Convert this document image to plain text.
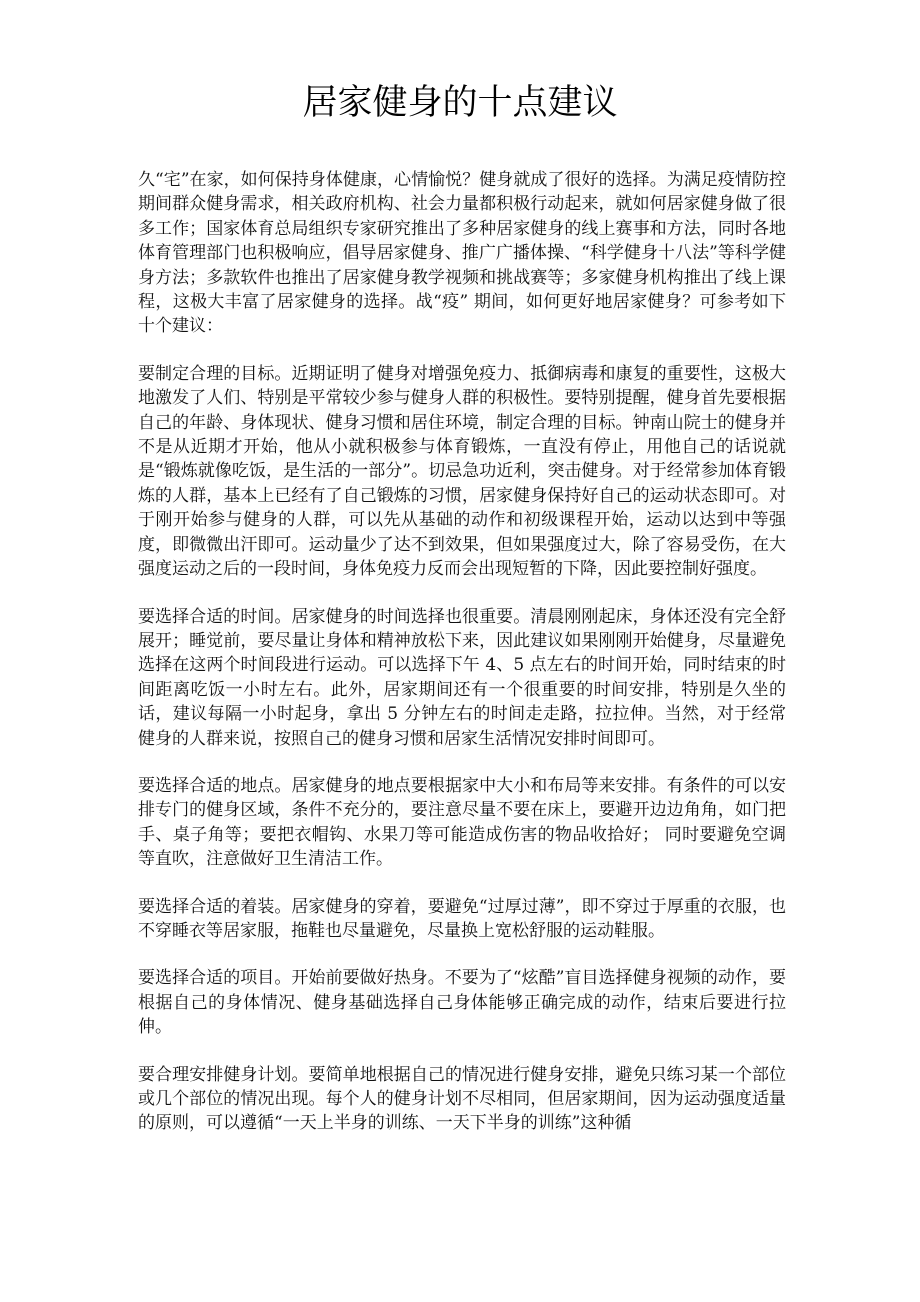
居家健身的十点建议

久“宅”在家，如何保持身体健康，心情愉悦？健身就成了很好的选择。为满足疫情防控期间群众健身需求，相关政府机构、社会力量都积极行动起来，就如何居家健身做了很多工作；国家体育总局组织专家研究推出了多种居家健身的线上赛事和方法，同时各地体育管理部门也积极响应，倡导居家健身、推广广播体操、“科学健身十八法”等科学健身方法；多款软件也推出了居家健身教学视频和挑战赛等；多家健身机构推出了线上课程，这极大丰富了居家健身的选择。战“疫” 期间，如何更好地居家健身？可参考如下十个建议：

要制定合理的目标。近期证明了健身对增强免疫力、抵御病毒和康复的重要性，这极大地激发了人们、特别是平常较少参与健身人群的积极性。要特别提醒，健身首先要根据自己的年龄、身体现状、健身习惯和居住环境，制定合理的目标。钟南山院士的健身并不是从近期才开始，他从小就积极参与体育锻炼，一直没有停止，用他自己的话说就是“锻炼就像吃饭，是生活的一部分”。切忌急功近利，突击健身。对于经常参加体育锻炼的人群，基本上已经有了自己锻炼的习惯，居家健身保持好自己的运动状态即可。对于刚开始参与健身的人群，可以先从基础的动作和初级课程开始，运动以达到中等强度，即微微出汗即可。运动量少了达不到效果，但如果强度过大，除了容易受伤，在大强度运动之后的一段时间，身体免疫力反而会出现短暂的下降，因此要控制好强度。

要选择合适的时间。居家健身的时间选择也很重要。清晨刚刚起床，身体还没有完全舒展开；睡觉前，要尽量让身体和精神放松下来，因此建议如果刚刚开始健身，尽量避免选择在这两个时间段进行运动。可以选择下午 4、5 点左右的时间开始，同时结束的时间距离吃饭一小时左右。此外，居家期间还有一个很重要的时间安排，特别是久坐的话，建议每隔一小时起身，拿出 5 分钟左右的时间走走路，拉拉伸。当然，对于经常健身的人群来说，按照自己的健身习惯和居家生活情况安排时间即可。

要选择合适的地点。居家健身的地点要根据家中大小和布局等来安排。有条件的可以安排专门的健身区域，条件不充分的，要注意尽量不要在床上，要避开边边角角，如门把手、桌子角等；要把衣帽钩、水果刀等可能造成伤害的物品收拾好； 同时要避免空调等直吹，注意做好卫生清洁工作。

要选择合适的着装。居家健身的穿着，要避免“过厚过薄”，即不穿过于厚重的衣服，也不穿睡衣等居家服，拖鞋也尽量避免，尽量换上宽松舒服的运动鞋服。

要选择合适的项目。开始前要做好热身。不要为了“炫酷”盲目选择健身视频的动作，要根据自己的身体情况、健身基础选择自己身体能够正确完成的动作，结束后要进行拉伸。

要合理安排健身计划。要简单地根据自己的情况进行健身安排，避免只练习某一个部位或几个部位的情况出现。每个人的健身计划不尽相同，但居家期间，因为运动强度适量的原则，可以遵循“一天上半身的训练、一天下半身的训练”这种循
